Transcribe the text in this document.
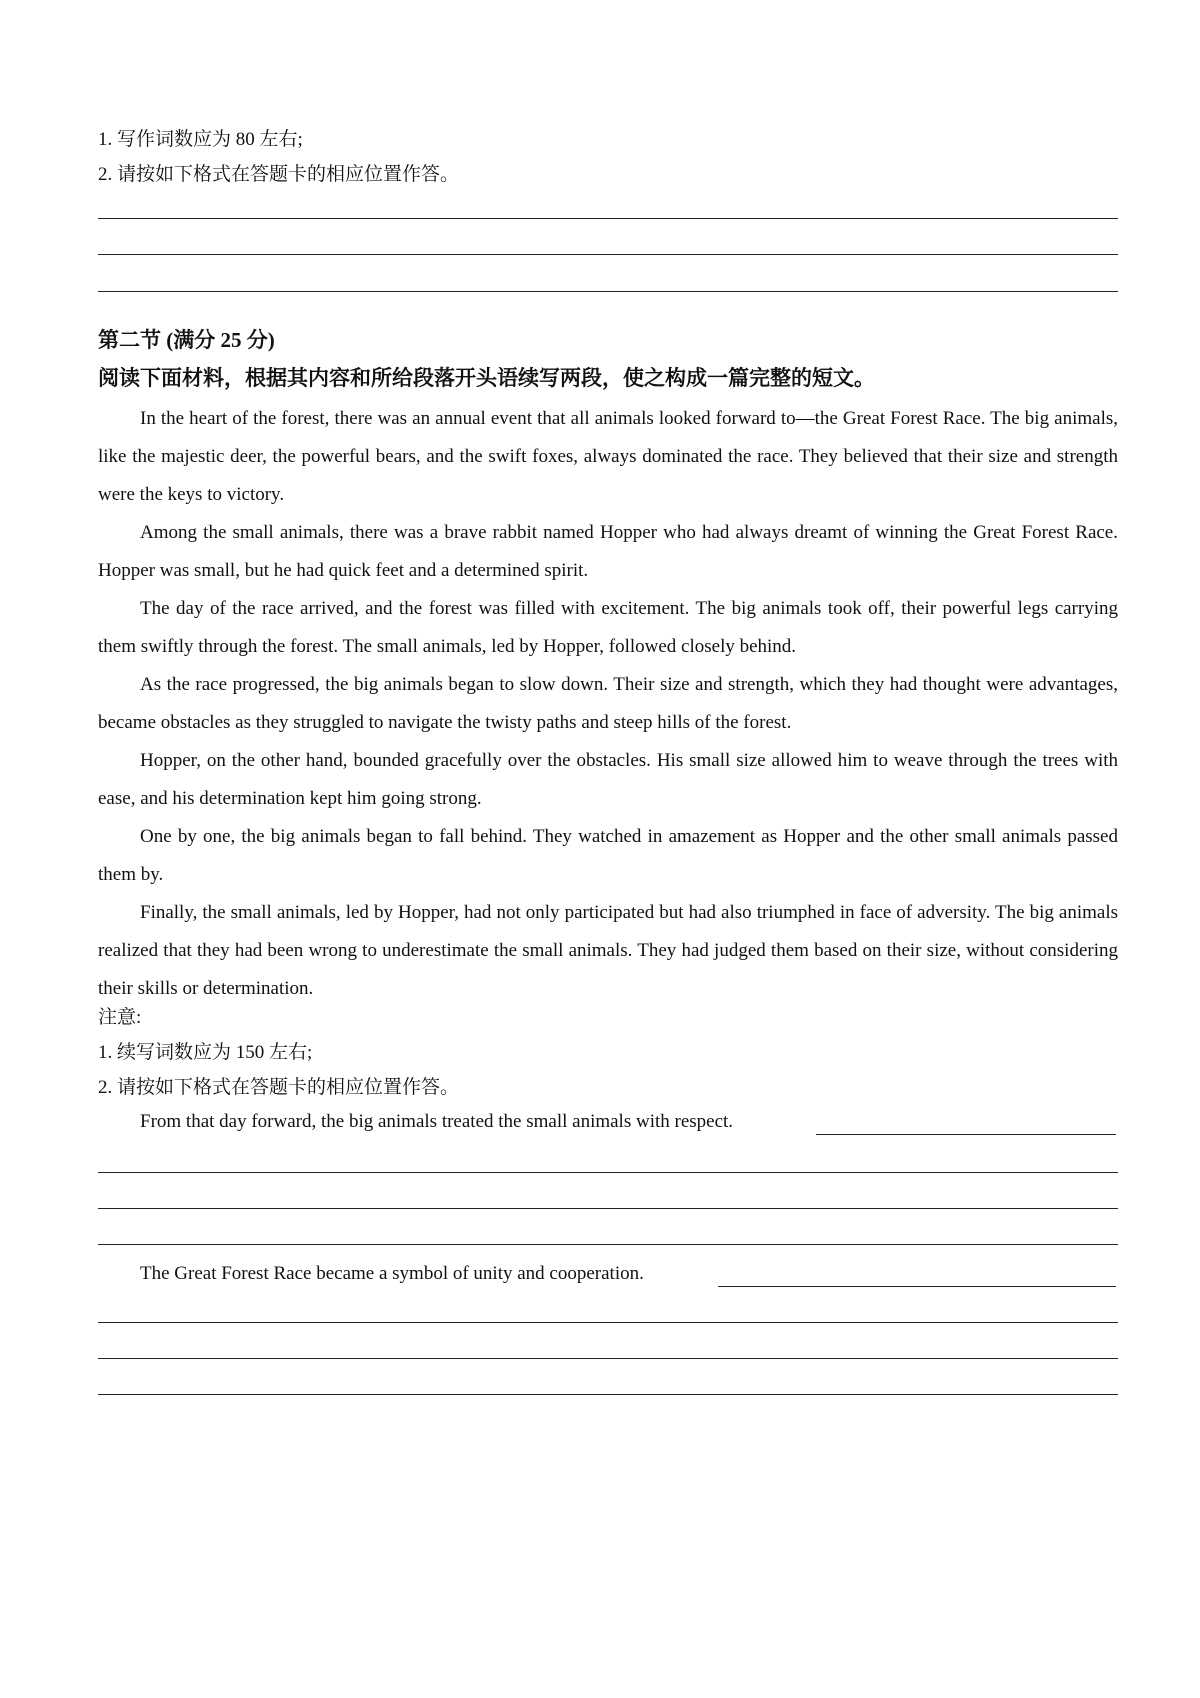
1. 写作词数应为 80 左右;
2. 请按如下格式在答题卡的相应位置作答。
第二节 (满分 25 分)
阅读下面材料，根据其内容和所给段落开头语续写两段，使之构成一篇完整的短文。

In the heart of the forest, there was an annual event that all animals looked forward to—the Great Forest Race. The big animals, like the majestic deer, the powerful bears, and the swift foxes, always dominated the race. They believed that their size and strength were the keys to victory.

Among the small animals, there was a brave rabbit named Hopper who had always dreamt of winning the Great Forest Race. Hopper was small, but he had quick feet and a determined spirit.

The day of the race arrived, and the forest was filled with excitement. The big animals took off, their powerful legs carrying them swiftly through the forest. The small animals, led by Hopper, followed closely behind.

As the race progressed, the big animals began to slow down. Their size and strength, which they had thought were advantages, became obstacles as they struggled to navigate the twisty paths and steep hills of the forest.

Hopper, on the other hand, bounded gracefully over the obstacles. His small size allowed him to weave through the trees with ease, and his determination kept him going strong.

One by one, the big animals began to fall behind. They watched in amazement as Hopper and the other small animals passed them by.

Finally, the small animals, led by Hopper, had not only participated but had also triumphed in face of adversity. The big animals realized that they had been wrong to underestimate the small animals. They had judged them based on their size, without considering their skills or determination.

注意:
1. 续写词数应为 150 左右;
2. 请按如下格式在答题卡的相应位置作答。
From that day forward, the big animals treated the small animals with respect.
The Great Forest Race became a symbol of unity and cooperation.
